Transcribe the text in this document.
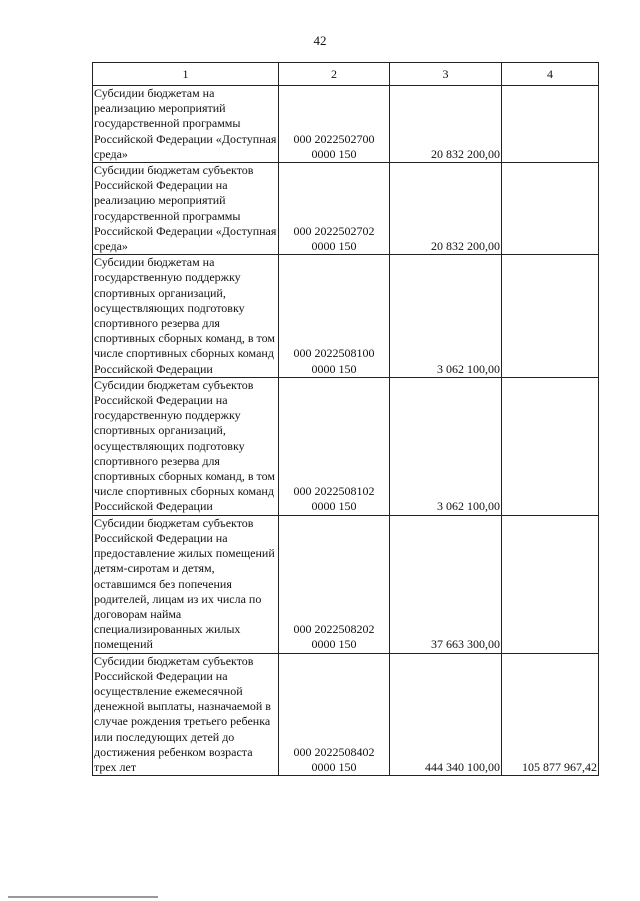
42
1	2	3	4
Субсидии бюджетам на реализацию мероприятий государственной программы Российской Федерации «Доступная среда»	000 2022502700
0000 150	20 832 200,00	
Субсидии бюджетам субъектов Российской Федерации на реализацию мероприятий государственной программы Российской Федерации «Доступная среда»	000 2022502702
0000 150	20 832 200,00	
Субсидии бюджетам на государственную поддержку спортивных организаций, осуществляющих подготовку спортивного резерва для спортивных сборных команд, в том числе спортивных сборных команд Российской Федерации	000 2022508100
0000 150	3 062 100,00	
Субсидии бюджетам субъектов Российской Федерации на государственную поддержку спортивных организаций, осуществляющих подготовку спортивного резерва для спортивных сборных команд, в том числе спортивных сборных команд Российской Федерации	000 2022508102
0000 150	3 062 100,00	
Субсидии бюджетам субъектов Российской Федерации на предоставление жилых помещений детям-сиротам и детям, оставшимся без попечения родителей, лицам из их числа по договорам найма специализированных жилых помещений	000 2022508202
0000 150	37 663 300,00	
Субсидии бюджетам субъектов Российской Федерации на осуществление ежемесячной денежной выплаты, назначаемой в случае рождения третьего ребенка или последующих детей до достижения ребенком возраста трех лет	000 2022508402
0000 150	444 340 100,00	105 877 967,42
